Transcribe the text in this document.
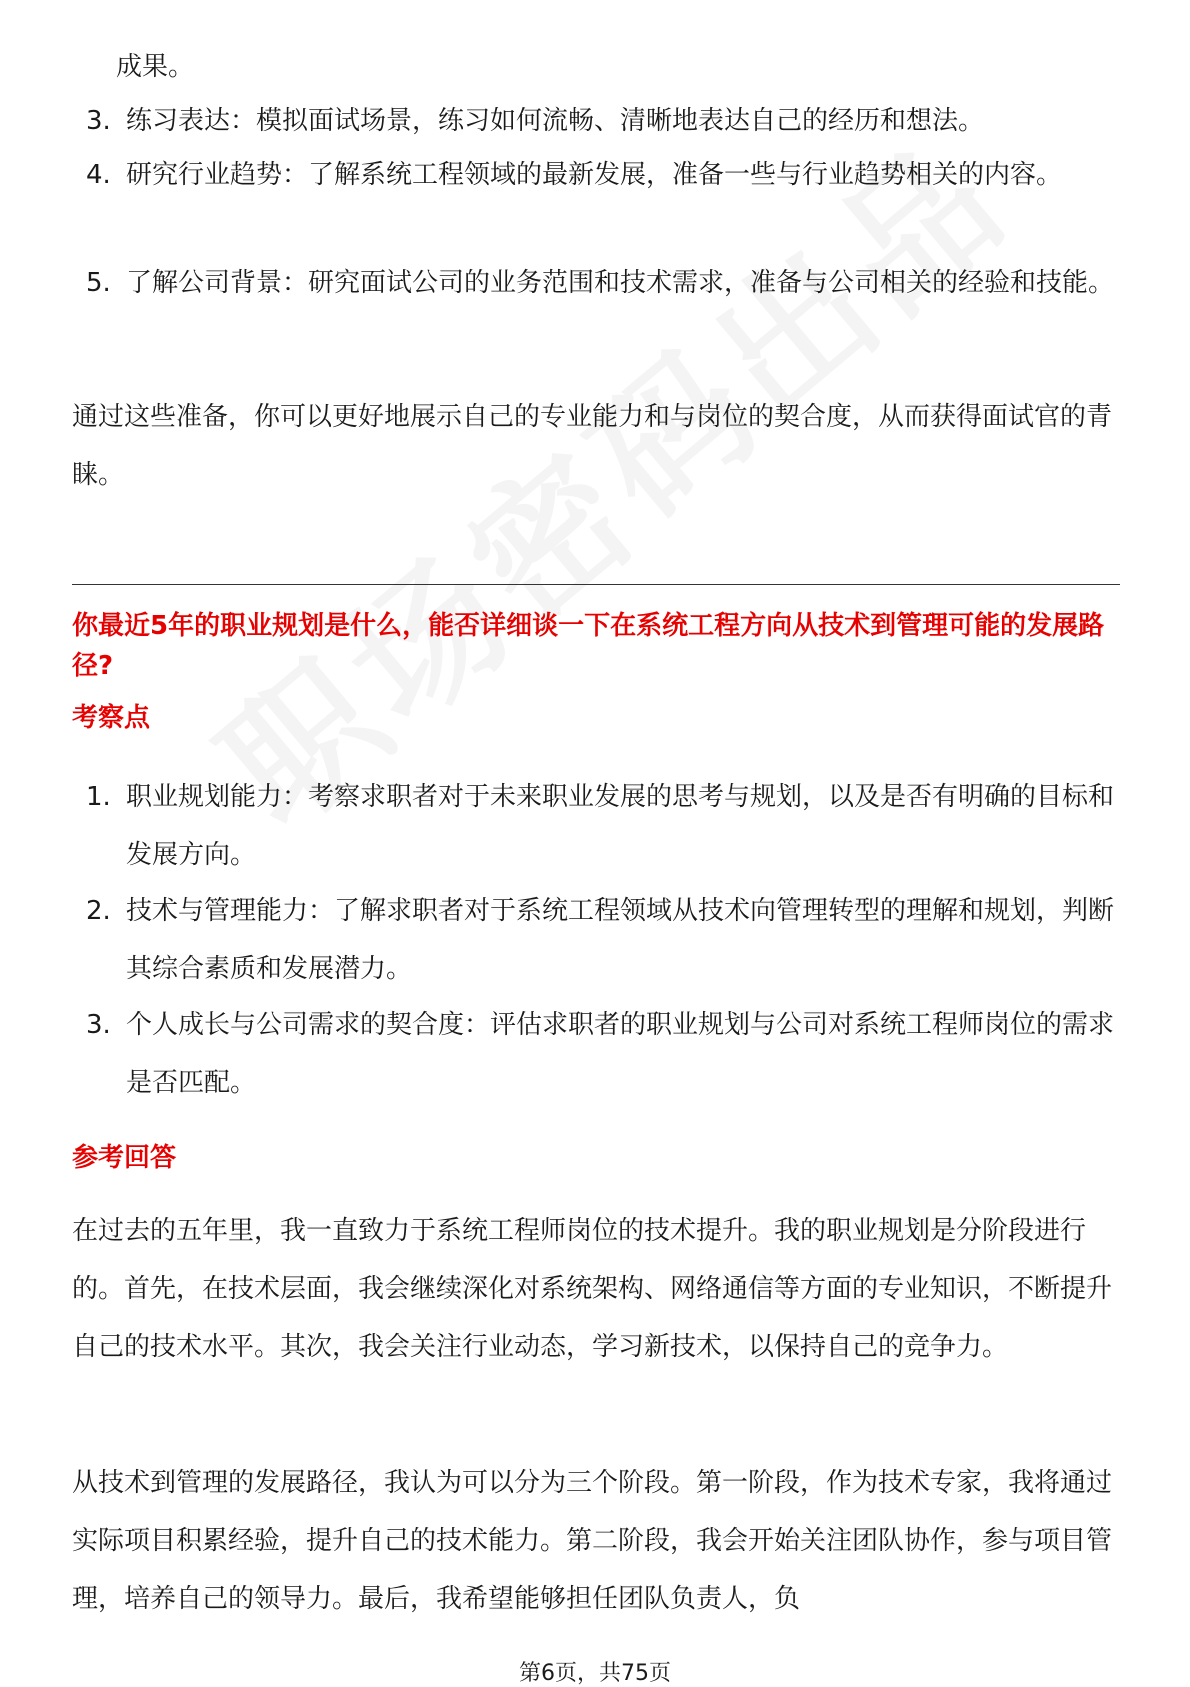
成果。
3. 练习表达：模拟面试场景，练习如何流畅、清晰地表达自己的经历和想法。
4. 研究行业趋势：了解系统工程领域的最新发展，准备一些与行业趋势相关的内容。
5. 了解公司背景：研究面试公司的业务范围和技术需求，准备与公司相关的经验和技能。
通过这些准备，你可以更好地展示自己的专业能力和与岗位的契合度，从而获得面试官的青睐。
你最近5年的职业规划是什么，能否详细谈一下在系统工程方向从技术到管理可能的发展路径?
考察点
1. 职业规划能力：考察求职者对于未来职业发展的思考与规划，以及是否有明确的目标和发展方向。
2. 技术与管理能力：了解求职者对于系统工程领域从技术向管理转型的理解和规划，判断其综合素质和发展潜力。
3. 个人成长与公司需求的契合度：评估求职者的职业规划与公司对系统工程师岗位的需求是否匹配。
参考回答
在过去的五年里，我一直致力于系统工程师岗位的技术提升。我的职业规划是分阶段进行的。首先，在技术层面，我会继续深化对系统架构、网络通信等方面的专业知识，不断提升自己的技术水平。其次，我会关注行业动态，学习新技术，以保持自己的竞争力。
从技术到管理的发展路径，我认为可以分为三个阶段。第一阶段，作为技术专家，我将通过实际项目积累经验，提升自己的技术能力。第二阶段，我会开始关注团队协作，参与项目管理，培养自己的领导力。最后，我希望能够担任团队负责人，负
第6页，共75页
